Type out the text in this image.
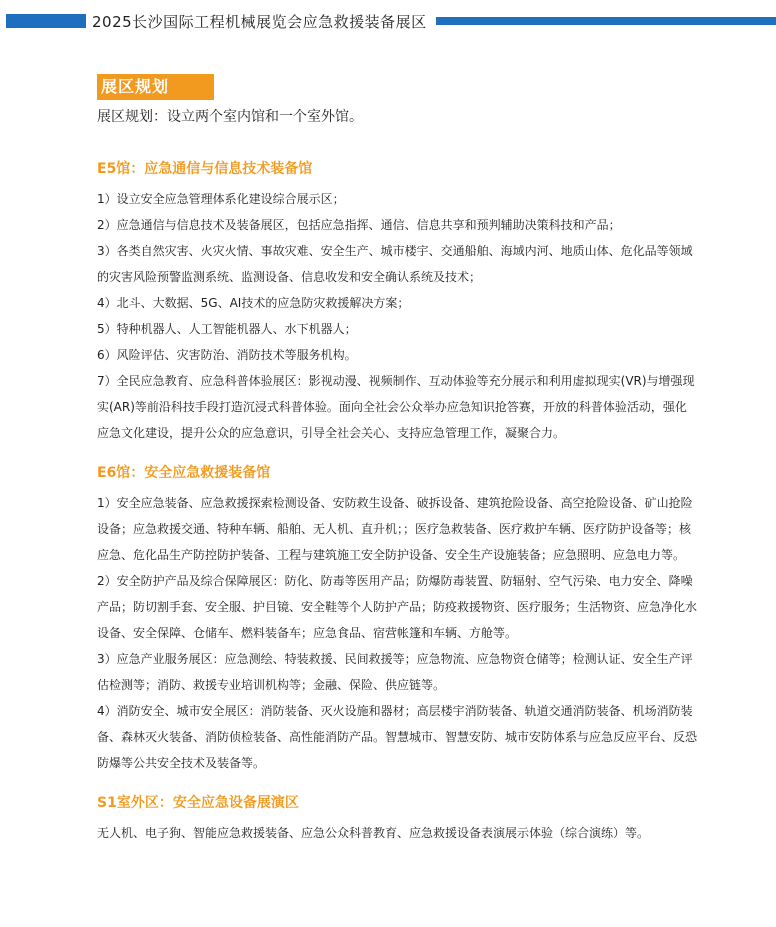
2025长沙国际工程机械展览会应急救援装备展区
展区规划
展区规划：设立两个室内馆和一个室外馆。

E5馆：应急通信与信息技术装备馆

1）设立安全应急管理体系化建设综合展示区；

2）应急通信与信息技术及装备展区，包括应急指挥、通信、信息共享和预判辅助决策科技和产品；

3）各类自然灾害、火灾火情、事故灾难、安全生产、城市楼宇、交通船舶、海域内河、地质山体、危化品等领域的灾害风险预警监测系统、监测设备、信息收发和安全确认系统及技术；

4）北斗、大数据、5G、AI技术的应急防灾救援解决方案；

5）特种机器人、人工智能机器人、水下机器人；

6）风险评估、灾害防治、消防技术等服务机构。

7）全民应急教育、应急科普体验展区：影视动漫、视频制作、互动体验等充分展示和利用虚拟现实(VR)与增强现实(AR)等前沿科技手段打造沉浸式科普体验。面向全社会公众举办应急知识抢答赛，开放的科普体验活动，强化应急文化建设，提升公众的应急意识，引导全社会关心、支持应急管理工作，凝聚合力。

E6馆：安全应急救援装备馆

1）安全应急装备、应急救援探索检测设备、安防救生设备、破拆设备、建筑抢险设备、高空抢险设备、矿山抢险设备；应急救援交通、特种车辆、船舶、无人机、直升机；；医疗急救装备、医疗救护车辆、医疗防护设备等；核应急、危化品生产防控防护装备、工程与建筑施工安全防护设备、安全生产设施装备；应急照明、应急电力等。

2）安全防护产品及综合保障展区：防化、防毒等医用产品；防爆防毒装置、防辐射、空气污染、电力安全、降噪产品；防切割手套、安全服、护目镜、安全鞋等个人防护产品；防疫救援物资、医疗服务；生活物资、应急净化水设备、安全保障、仓储车、燃料装备车；应急食品、宿营帐篷和车辆、方舱等。

3）应急产业服务展区：应急测绘、特装救援、民间救援等；应急物流、应急物资仓储等；检测认证、安全生产评估检测等；消防、救援专业培训机构等；金融、保险、供应链等。

4）消防安全、城市安全展区：消防装备、灭火设施和器材；高层楼宇消防装备、轨道交通消防装备、机场消防装备、森林灭火装备、消防侦检装备、高性能消防产品。智慧城市、智慧安防、城市安防体系与应急反应平台、反恐防爆等公共安全技术及装备等。

S1室外区：安全应急设备展演区

无人机、电子狗、智能应急救援装备、应急公众科普教育、应急救援设备表演展示体验（综合演练）等。
